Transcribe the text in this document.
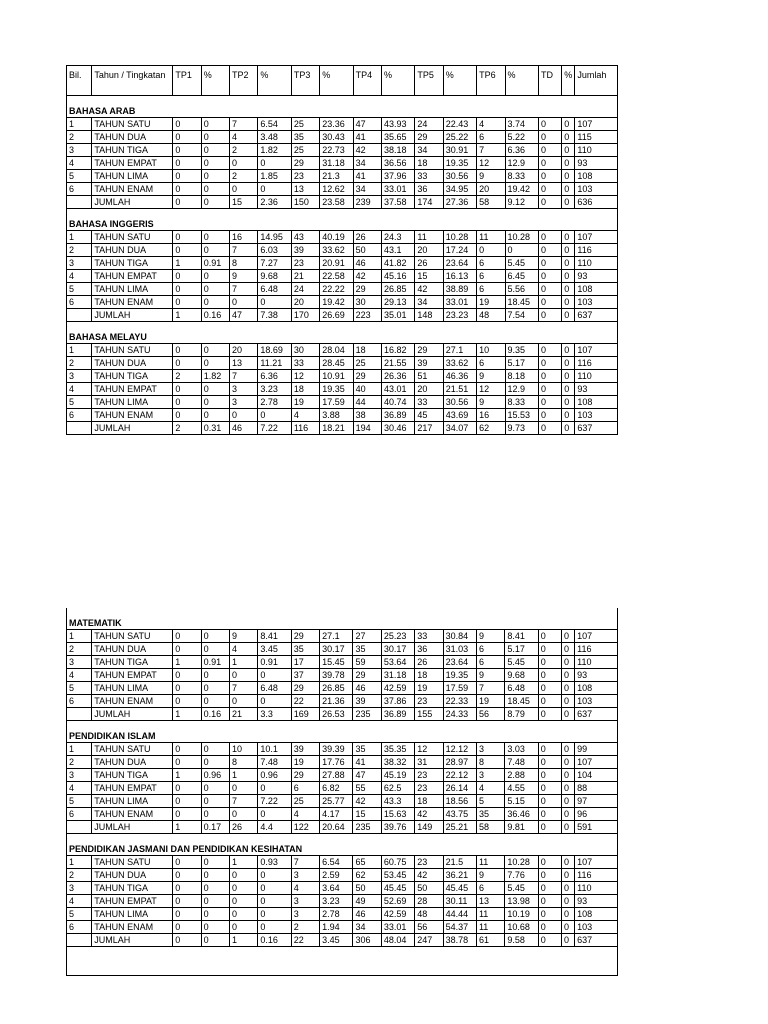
Bil.	Tahun / Tingkatan	TP1	%	TP2	%	TP3	%	TP4	%	TP5	%	TP6	%	TD	%	Jumlah

BAHASA ARAB																
1	TAHUN SATU	0	0	7	6.54	25	23.36	47	43.93	24	22.43	4	3.74	0	0	107
2	TAHUN DUA	0	0	4	3.48	35	30.43	41	35.65	29	25.22	6	5.22	0	0	115
3	TAHUN TIGA	0	0	2	1.82	25	22.73	42	38.18	34	30.91	7	6.36	0	0	110
4	TAHUN EMPAT	0	0	0	0	29	31.18	34	36.56	18	19.35	12	12.9	0	0	93
5	TAHUN LIMA	0	0	2	1.85	23	21.3	41	37.96	33	30.56	9	8.33	0	0	108
6	TAHUN ENAM	0	0	0	0	13	12.62	34	33.01	36	34.95	20	19.42	0	0	103
	JUMLAH	0	0	15	2.36	150	23.58	239	37.58	174	27.36	58	9.12	0	0	636

BAHASA INGGERIS																
1	TAHUN SATU	0	0	16	14.95	43	40.19	26	24.3	11	10.28	11	10.28	0	0	107
2	TAHUN DUA	0	0	7	6.03	39	33.62	50	43.1	20	17.24	0	0	0	0	116
3	TAHUN TIGA	1	0.91	8	7.27	23	20.91	46	41.82	26	23.64	6	5.45	0	0	110
4	TAHUN EMPAT	0	0	9	9.68	21	22.58	42	45.16	15	16.13	6	6.45	0	0	93
5	TAHUN LIMA	0	0	7	6.48	24	22.22	29	26.85	42	38.89	6	5.56	0	0	108
6	TAHUN ENAM	0	0	0	0	20	19.42	30	29.13	34	33.01	19	18.45	0	0	103
	JUMLAH	1	0.16	47	7.38	170	26.69	223	35.01	148	23.23	48	7.54	0	0	637

BAHASA MELAYU																
1	TAHUN SATU	0	0	20	18.69	30	28.04	18	16.82	29	27.1	10	9.35	0	0	107
2	TAHUN DUA	0	0	13	11.21	33	28.45	25	21.55	39	33.62	6	5.17	0	0	116
3	TAHUN TIGA	2	1.82	7	6.36	12	10.91	29	26.36	51	46.36	9	8.18	0	0	110
4	TAHUN EMPAT	0	0	3	3.23	18	19.35	40	43.01	20	21.51	12	12.9	0	0	93
5	TAHUN LIMA	0	0	3	2.78	19	17.59	44	40.74	33	30.56	9	8.33	0	0	108
6	TAHUN ENAM	0	0	0	0	4	3.88	38	36.89	45	43.69	16	15.53	0	0	103
	JUMLAH	2	0.31	46	7.22	116	18.21	194	30.46	217	34.07	62	9.73	0	0	637

MATEMATIK																
1	TAHUN SATU	0	0	9	8.41	29	27.1	27	25.23	33	30.84	9	8.41	0	0	107
2	TAHUN DUA	0	0	4	3.45	35	30.17	35	30.17	36	31.03	6	5.17	0	0	116
3	TAHUN TIGA	1	0.91	1	0.91	17	15.45	59	53.64	26	23.64	6	5.45	0	0	110
4	TAHUN EMPAT	0	0	0	0	37	39.78	29	31.18	18	19.35	9	9.68	0	0	93
5	TAHUN LIMA	0	0	7	6.48	29	26.85	46	42.59	19	17.59	7	6.48	0	0	108
6	TAHUN ENAM	0	0	0	0	22	21.36	39	37.86	23	22.33	19	18.45	0	0	103
	JUMLAH	1	0.16	21	3.3	169	26.53	235	36.89	155	24.33	56	8.79	0	0	637

PENDIDIKAN ISLAM																
1	TAHUN SATU	0	0	10	10.1	39	39.39	35	35.35	12	12.12	3	3.03	0	0	99
2	TAHUN DUA	0	0	8	7.48	19	17.76	41	38.32	31	28.97	8	7.48	0	0	107
3	TAHUN TIGA	1	0.96	1	0.96	29	27.88	47	45.19	23	22.12	3	2.88	0	0	104
4	TAHUN EMPAT	0	0	0	0	6	6.82	55	62.5	23	26.14	4	4.55	0	0	88
5	TAHUN LIMA	0	0	7	7.22	25	25.77	42	43.3	18	18.56	5	5.15	0	0	97
6	TAHUN ENAM	0	0	0	0	4	4.17	15	15.63	42	43.75	35	36.46	0	0	96
	JUMLAH	1	0.17	26	4.4	122	20.64	235	39.76	149	25.21	58	9.81	0	0	591

PENDIDIKAN JASMANI DAN PENDIDIKAN KESIHATAN																
1	TAHUN SATU	0	0	1	0.93	7	6.54	65	60.75	23	21.5	11	10.28	0	0	107
2	TAHUN DUA	0	0	0	0	3	2.59	62	53.45	42	36.21	9	7.76	0	0	116
3	TAHUN TIGA	0	0	0	0	4	3.64	50	45.45	50	45.45	6	5.45	0	0	110
4	TAHUN EMPAT	0	0	0	0	3	3.23	49	52.69	28	30.11	13	13.98	0	0	93
5	TAHUN LIMA	0	0	0	0	3	2.78	46	42.59	48	44.44	11	10.19	0	0	108
6	TAHUN ENAM	0	0	0	0	2	1.94	34	33.01	56	54.37	11	10.68	0	0	103
	JUMLAH	0	0	1	0.16	22	3.45	306	48.04	247	38.78	61	9.58	0	0	637
